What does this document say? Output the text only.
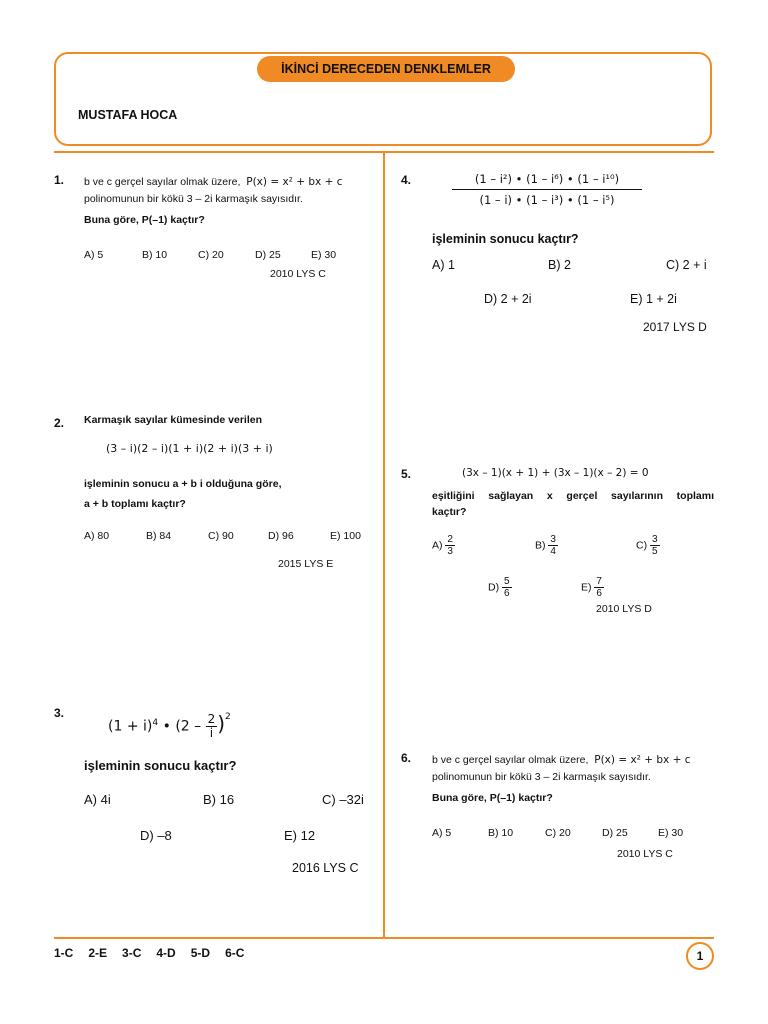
İKİNCİ DERECEDEN DENKLEMLER
MUSTAFA HOCA
1. b ve c gerçel sayılar olmak üzere, P(x) = x² + bx + c
polinomunun bir kökü 3 – 2i karmaşık sayısıdır.
Buna göre, P(–1) kaçtır?
A) 5	B) 10	C) 20	D) 25	E) 30
2010 LYS C
2. Karmaşık sayılar kümesinde verilen
(3 – i)(2 – i)(1 + i)(2 + i)(3 + i)
işleminin sonucu a + b i olduğuna göre,
a + b toplamı kaçtır?
A) 80	B) 84	C) 90	D) 96	E) 100
2015 LYS E
3.
$(1 + i)^4$ • $(2 - \frac{2}{i} )^2$
işleminin sonucu kaçtır?
A) 4i	B) 16	C) –32i
D) –8	E) 12
2016 LYS C
4.	$\frac{\text{(1 – i²) • (1 – i⁶) • (1 – i¹⁰)}}{\text{(1 – i) • (1 – i³) • (1 – i⁵)}}$
işleminin sonucu kaçtır?
A) 1	B) 2	C) 2 + i
D) 2 + 2i	E) 1 + 2i
2017 LYS D
5.	(3x – 1)(x + 1) + (3x – 1)(x – 2) = 0
eşitliğini sağlayan x gerçel sayılarının toplamı
kaçtır?
$A) \frac{2}{3}$	$B) \frac{3}{4}$	$C) \frac{3}{5}$
$D) \frac{5}{6}$	$E) \frac{7}{6}$
2010 LYS D
6. b ve c gerçel sayılar olmak üzere, P(x) = x² + bx + c
polinomunun bir kökü 3 – 2i karmaşık sayısıdır.
Buna göre, P(–1) kaçtır?
A) 5	B) 10	C) 20	D) 25	E) 30
2010 LYS C
1-C 2-E 3-C 4-D 5-D 6-C	1
